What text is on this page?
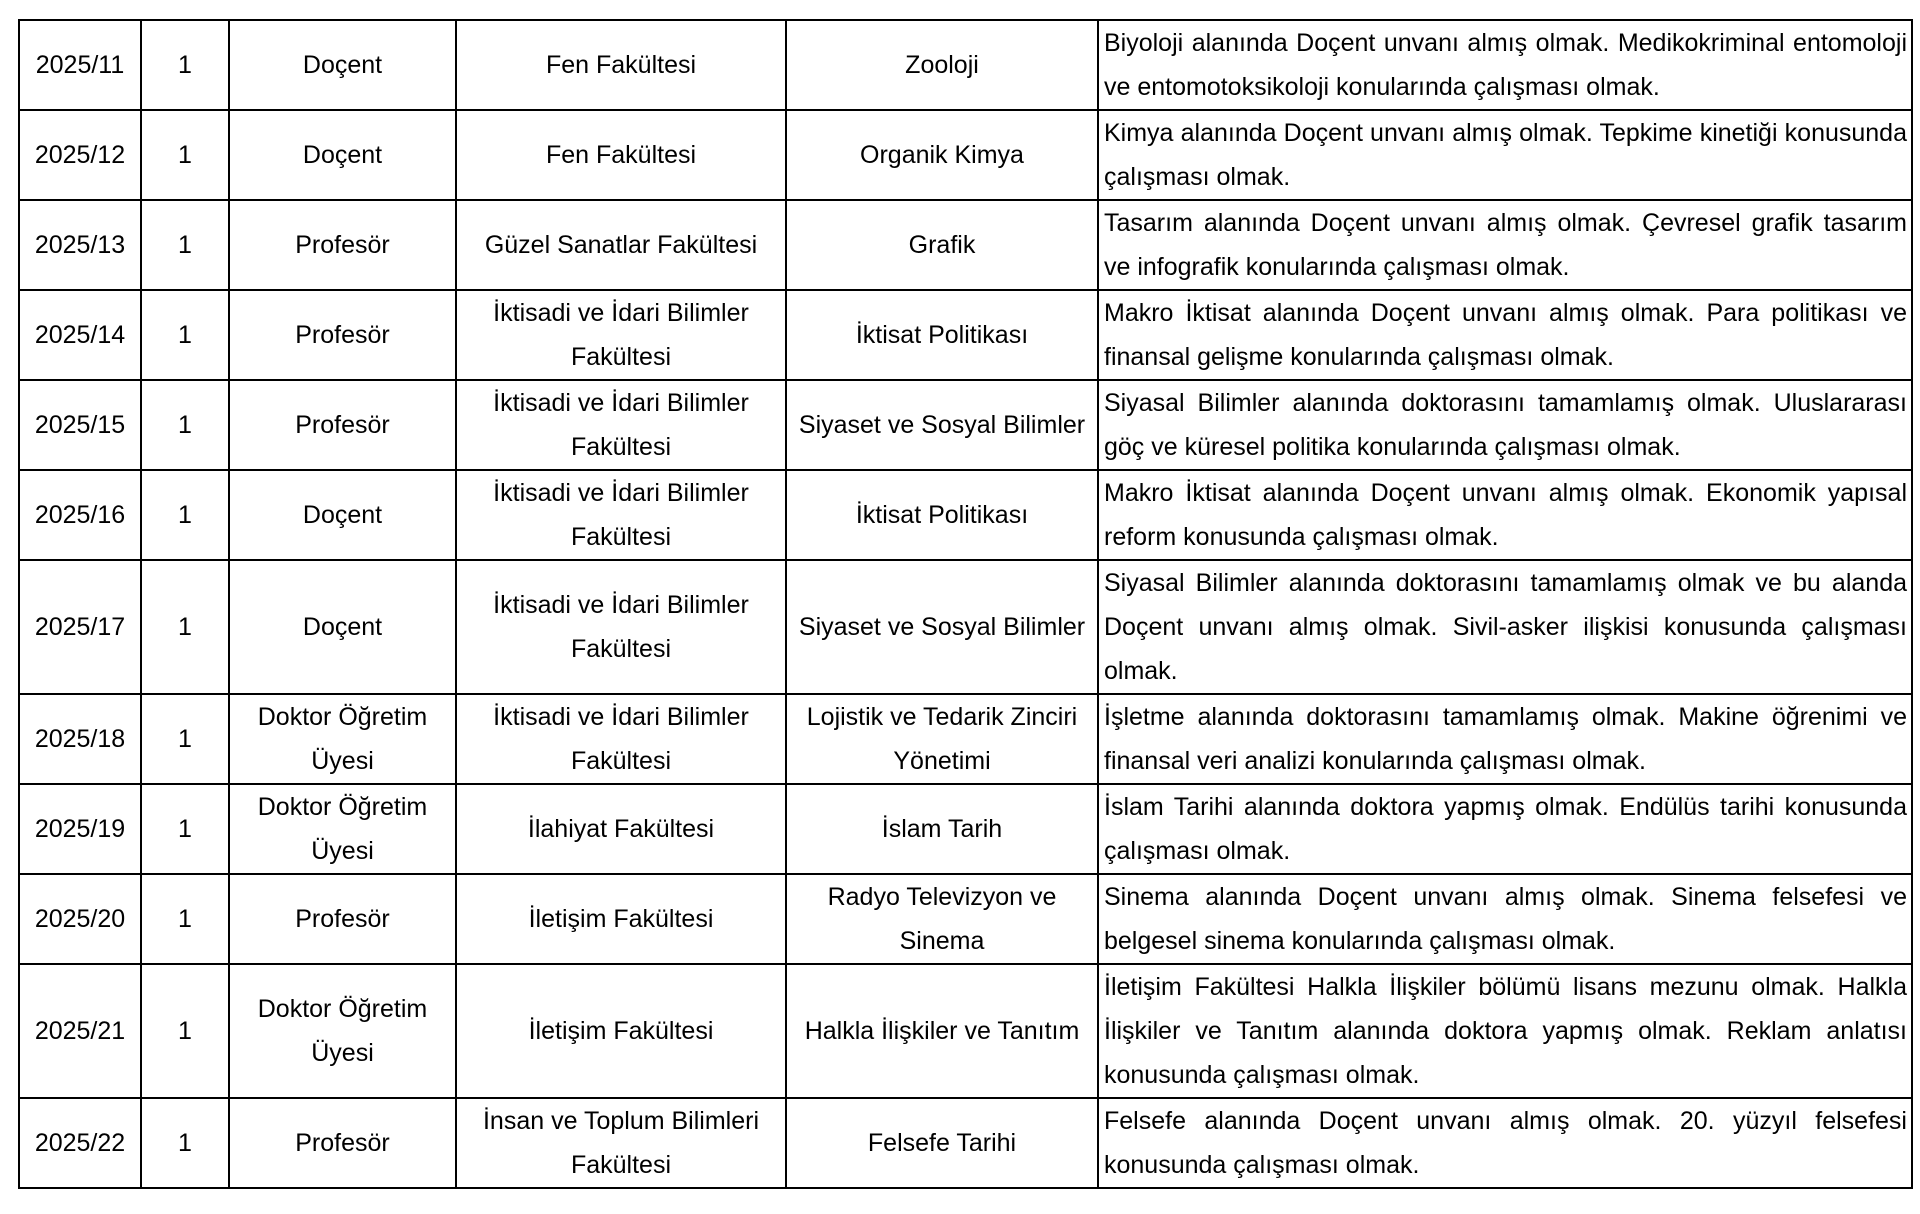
2025/11	1	Doçent	Fen Fakültesi	Zooloji	Biyoloji alanında Doçent unvanı almış olmak. Medikokriminal entomoloji ve entomotoksikoloji konularında çalışması olmak.
2025/12	1	Doçent	Fen Fakültesi	Organik Kimya	Kimya alanında Doçent unvanı almış olmak. Tepkime kinetiği konusunda çalışması olmak.
2025/13	1	Profesör	Güzel Sanatlar Fakültesi	Grafik	Tasarım alanında Doçent unvanı almış olmak. Çevresel grafik tasarım ve infografik konularında çalışması olmak.
2025/14	1	Profesör	İktisadi ve İdari Bilimler Fakültesi	İktisat Politikası	Makro İktisat alanında Doçent unvanı almış olmak. Para politikası ve finansal gelişme konularında çalışması olmak.
2025/15	1	Profesör	İktisadi ve İdari Bilimler Fakültesi	Siyaset ve Sosyal Bilimler	Siyasal Bilimler alanında doktorasını tamamlamış olmak. Uluslararası göç ve küresel politika konularında çalışması olmak.
2025/16	1	Doçent	İktisadi ve İdari Bilimler Fakültesi	İktisat Politikası	Makro İktisat alanında Doçent unvanı almış olmak. Ekonomik yapısal reform konusunda çalışması olmak.
2025/17	1	Doçent	İktisadi ve İdari Bilimler Fakültesi	Siyaset ve Sosyal Bilimler	Siyasal Bilimler alanında doktorasını tamamlamış olmak ve bu alanda Doçent unvanı almış olmak. Sivil-asker ilişkisi konusunda çalışması olmak.
2025/18	1	Doktor Öğretim Üyesi	İktisadi ve İdari Bilimler Fakültesi	Lojistik ve Tedarik Zinciri Yönetimi	İşletme alanında doktorasını tamamlamış olmak. Makine öğrenimi ve finansal veri analizi konularında çalışması olmak.
2025/19	1	Doktor Öğretim Üyesi	İlahiyat Fakültesi	İslam Tarih	İslam Tarihi alanında doktora yapmış olmak. Endülüs tarihi konusunda çalışması olmak.
2025/20	1	Profesör	İletişim Fakültesi	Radyo Televizyon ve Sinema	Sinema alanında Doçent unvanı almış olmak. Sinema felsefesi ve belgesel sinema konularında çalışması olmak.
2025/21	1	Doktor Öğretim Üyesi	İletişim Fakültesi	Halkla İlişkiler ve Tanıtım	İletişim Fakültesi Halkla İlişkiler bölümü lisans mezunu olmak. Halkla İlişkiler ve Tanıtım alanında doktora yapmış olmak. Reklam anlatısı konusunda çalışması olmak.
2025/22	1	Profesör	İnsan ve Toplum Bilimleri Fakültesi	Felsefe Tarihi	Felsefe alanında Doçent unvanı almış olmak. 20. yüzyıl felsefesi konusunda çalışması olmak.
